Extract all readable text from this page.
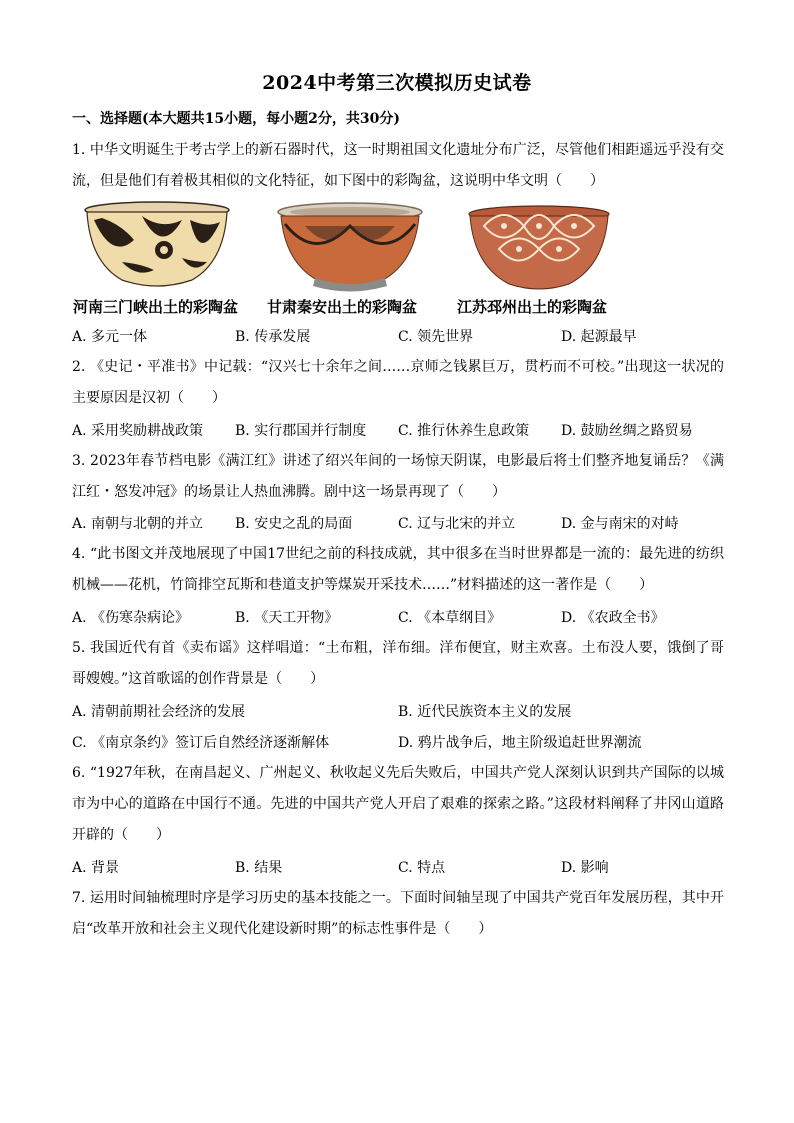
2024中考第三次模拟历史试卷
一、选择题(本大题共15小题，每小题2分，共30分)
1. 中华文明诞生于考古学上的新石器时代，这一时期祖国文化遗址分布广泛，尽管他们相距遥远乎没有交流，但是他们有着极其相似的文化特征，如下图中的彩陶盆，这说明中华文明（　　）
河南三门峡出土的彩陶盆 甘肃秦安出土的彩陶盆	江苏邳州出土的彩陶盆
A. 多元一体	B. 传承发展	C. 领先世界	D. 起源最早
2. 《史记・平准书》中记载：“汉兴七十余年之间……京师之钱累巨万，贯朽而不可校。”出现这一状况的主要原因是汉初（　　）
A. 采用奖励耕战政策 B. 实行郡国并行制度 C. 推行休养生息政策 D. 鼓励丝绸之路贸易
3. 2023年春节档电影《满江红》讲述了绍兴年间的一场惊天阴谋，电影最后将士们整齐地复诵岳？《满江红・怒发冲冠》的场景让人热血沸腾。剧中这一场景再现了（　　）
A. 南朝与北朝的并立 B. 安史之乱的局面	C. 辽与北宋的并立	D. 金与南宋的对峙
4. “此书图文并茂地展现了中国17世纪之前的科技成就，其中很多在当时世界都是一流的：最先进的纺织机械——花机，竹筒排空瓦斯和巷道支护等煤炭开采技术……”材料描述的这一著作是（　　）
A. 《伤寒杂病论》	B. 《天工开物》	C. 《本草纲目》	D. 《农政全书》
5. 我国近代有首《卖布谣》这样唱道：“土布粗，洋布细。洋布便宜，财主欢喜。土布没人要，饿倒了哥哥嫂嫂。”这首歌谣的创作背景是（　　）
A. 清朝前期社会经济的发展	B. 近代民族资本主义的发展
C. 《南京条约》签订后自然经济逐渐解体	D. 鸦片战争后，地主阶级追赶世界潮流
6. “1927年秋，在南昌起义、广州起义、秋收起义先后失败后，中国共产党人深刻认识到共产国际的以城市为中心的道路在中国行不通。先进的中国共产党人开启了艰难的探索之路。”这段材料阐释了井冈山道路开辟的（　　）
A. 背景	B. 结果	C. 特点	D. 影响
7. 运用时间轴梳理时序是学习历史的基本技能之一。下面时间轴呈现了中国共产党百年发展历程，其中开启“改革开放和社会主义现代化建设新时期”的标志性事件是（　　）
